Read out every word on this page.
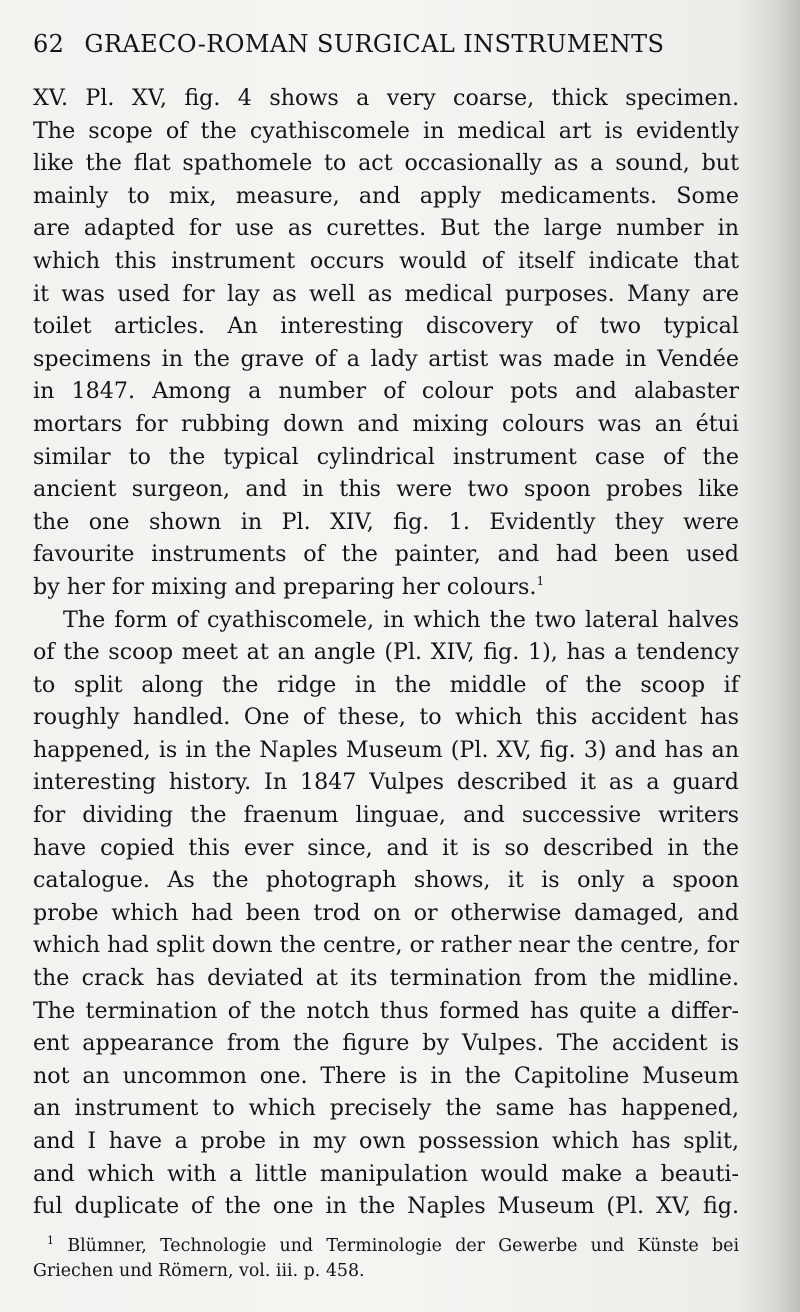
62 GRAECO-ROMAN SURGICAL INSTRUMENTS
XV. Pl. XV, fig. 4 shows a very coarse, thick specimen.
The scope of the cyathiscomele in medical art is evidently
like the flat spathomele to act occasionally as a sound, but
mainly to mix, measure, and apply medicaments. Some
are adapted for use as curettes. But the large number in
which this instrument occurs would of itself indicate that
it was used for lay as well as medical purposes. Many are
toilet articles. An interesting discovery of two typical
specimens in the grave of a lady artist was made in Vendée
in 1847. Among a number of colour pots and alabaster
mortars for rubbing down and mixing colours was an étui
similar to the typical cylindrical instrument case of the
ancient surgeon, and in this were two spoon probes like
the one shown in Pl. XIV, fig. 1. Evidently they were
favourite instruments of the painter, and had been used
by her for mixing and preparing her colours.$^1$
The form of cyathiscomele, in which the two lateral halves
of the scoop meet at an angle (Pl. XIV, fig. 1), has a tendency
to split along the ridge in the middle of the scoop if
roughly handled. One of these, to which this accident has
happened, is in the Naples Museum (Pl. XV, fig. 3) and has an
interesting history. In 1847 Vulpes described it as a guard
for dividing the fraenum linguae, and successive writers
have copied this ever since, and it is so described in the
catalogue. As the photograph shows, it is only a spoon
probe which had been trod on or otherwise damaged, and
which had split down the centre, or rather near the centre, for
the crack has deviated at its termination from the midline.
The termination of the notch thus formed has quite a differ-
ent appearance from the figure by Vulpes. The accident is
not an uncommon one. There is in the Capitoline Museum
an instrument to which precisely the same has happened,
and I have a probe in my own possession which has split,
and which with a little manipulation would make a beauti-
ful duplicate of the one in the Naples Museum (Pl. XV, fig.
$^1$ Blümner, Technologie und Terminologie der Gewerbe und Künste bei
Griechen und Römern, vol. iii. p. 458.
